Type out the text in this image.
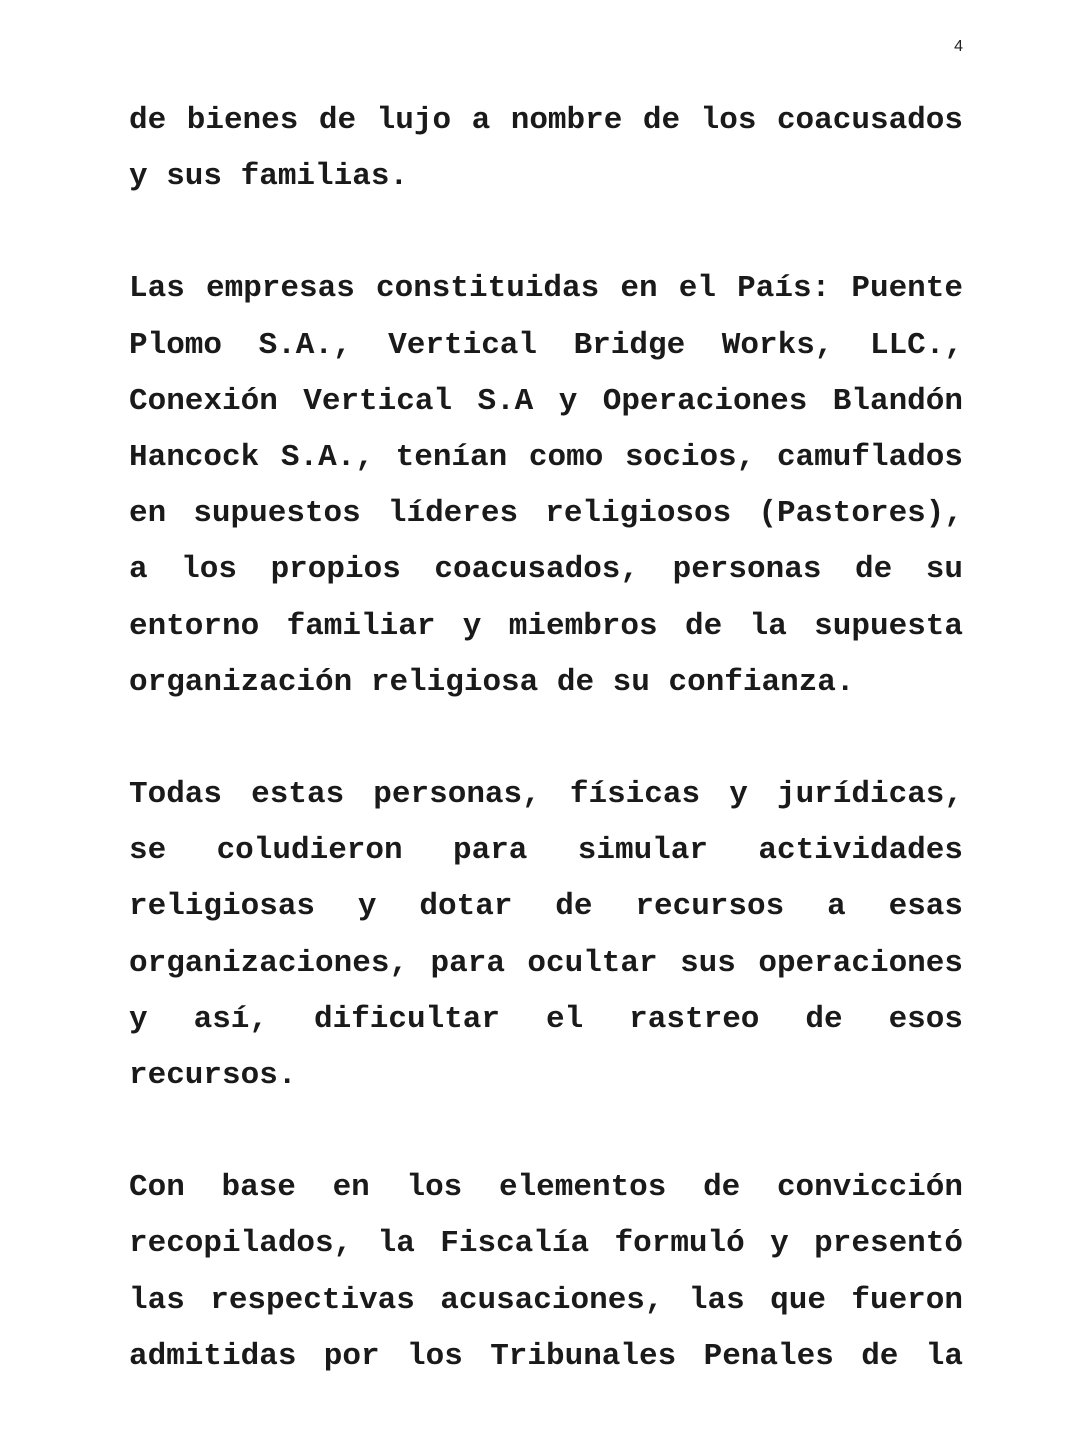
4

de bienes de lujo a nombre de los coacusados y sus familias.

Las empresas constituidas en el País: Puente Plomo S.A., Vertical Bridge Works, LLC., Conexión Vertical S.A y Operaciones Blandón Hancock S.A., tenían como socios, camuflados en supuestos líderes religiosos (Pastores), a los propios coacusados, personas de su entorno familiar y miembros de la supuesta organización religiosa de su confianza.

Todas estas personas, físicas y jurídicas, se coludieron para simular actividades religiosas y dotar de recursos a esas organizaciones, para ocultar sus operaciones y así, dificultar el rastreo de esos recursos.

Con base en los elementos de convicción recopilados, la Fiscalía formuló y presentó las respectivas acusaciones, las que fueron admitidas por los Tribunales Penales de la
